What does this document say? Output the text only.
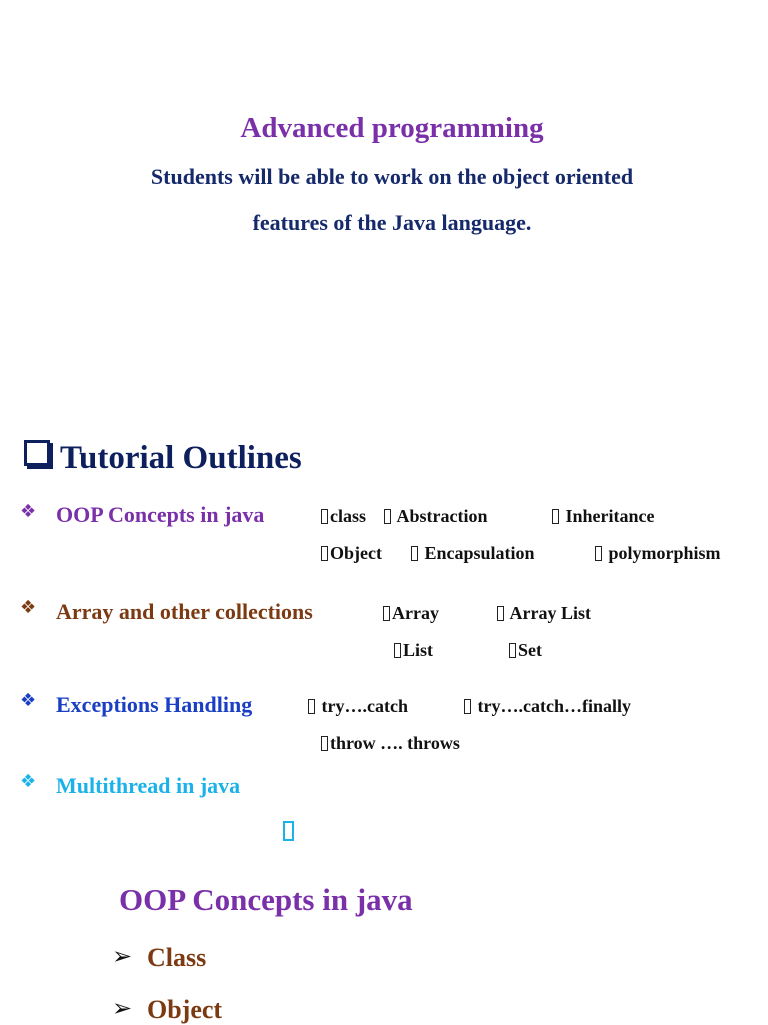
Advanced programming
Students will be able to work on the object oriented
features of the Java language.
Tutorial Outlines
❖ OOP Concepts in java	class	Abstraction	Inheritance
Object	Encapsulation	polymorphism
❖ Array and other collections	Array	Array List
List	Set
❖ Exceptions Handling	try….catch	try….catch…finally
throw …. throws
❖ Multithread in java
OOP Concepts in java
➢ Class
➢ Object
